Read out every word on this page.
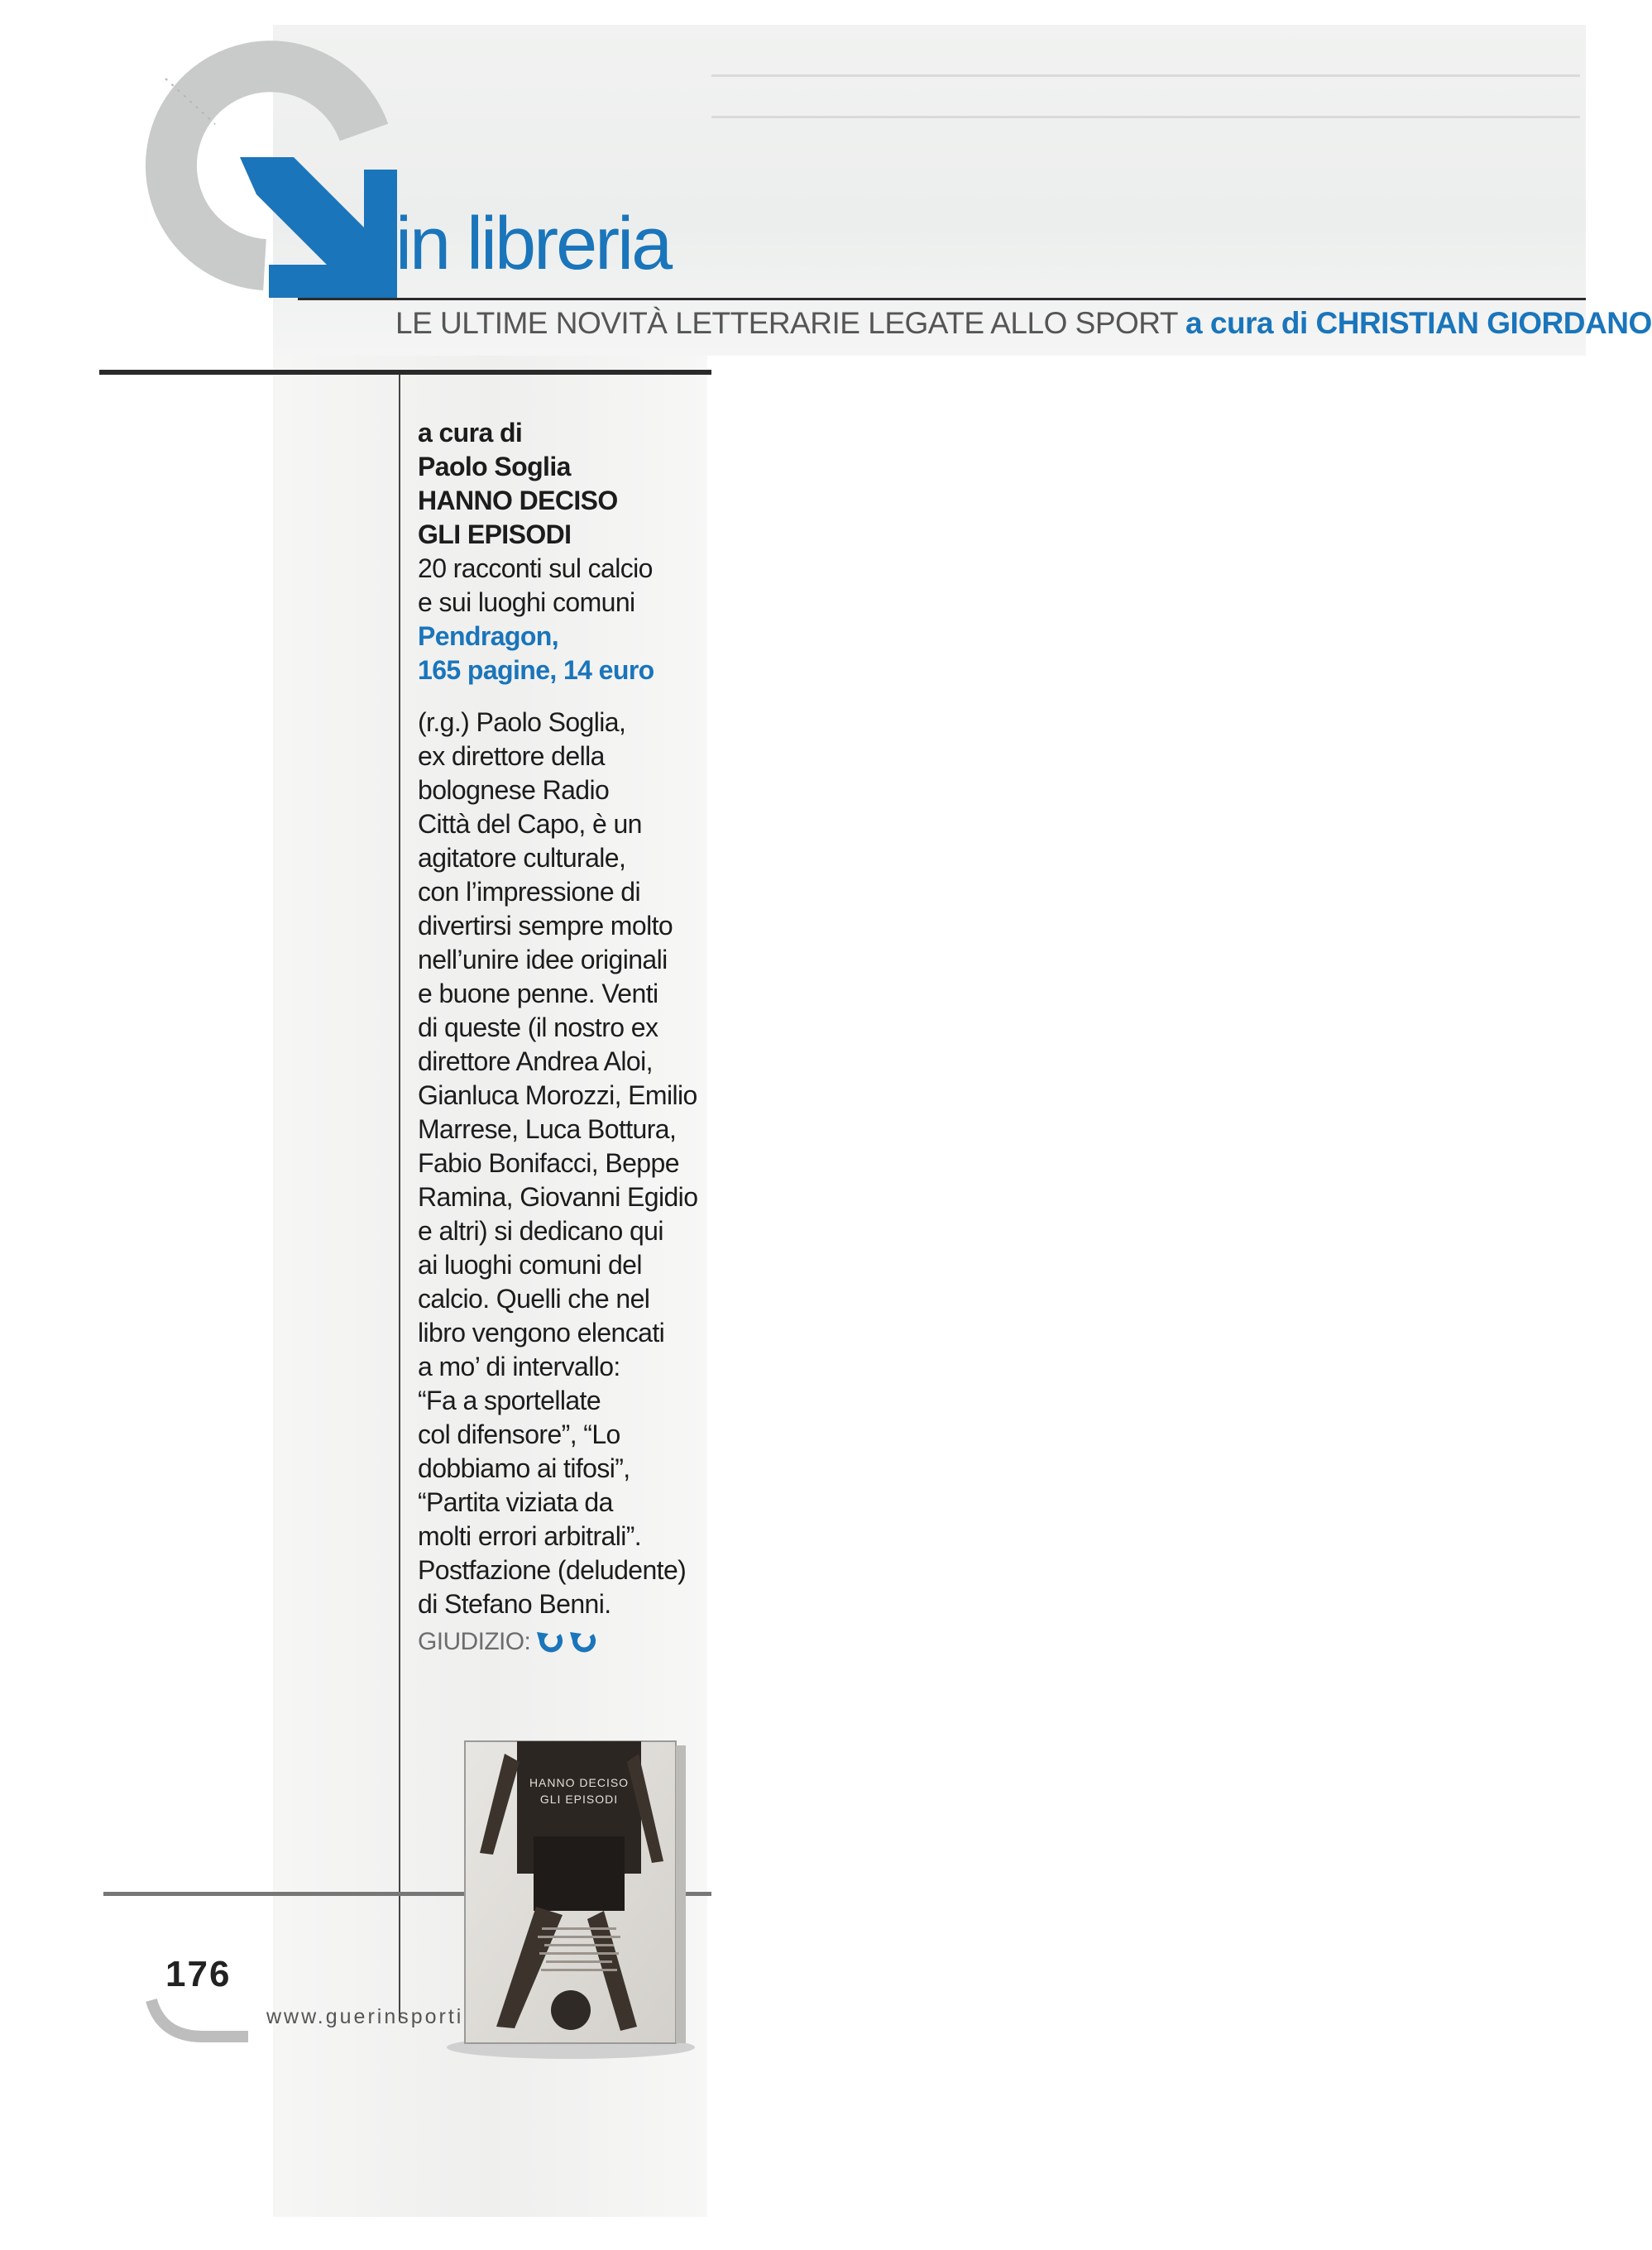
in libreria
LE ULTIME NOVITÀ LETTERARIE LEGATE ALLO SPORT a cura di CHRISTIAN GIORDANO

a cura di

Paolo Soglia

HANNO DECISO

GLI EPISODI

20 racconti sul calcio

e sui luoghi comuni

Pendragon,

165 pagine, 14 euro

(r.g.) Paolo Soglia,
ex direttore della
bolognese Radio
Città del Capo, è un
agitatore culturale,
con l’impressione di
divertirsi sempre molto
nell’unire idee originali
e buone penne. Venti
di queste (il nostro ex
direttore Andrea Aloi,
Gianluca Morozzi, Emilio
Marrese, Luca Bottura,
Fabio Bonifacci, Beppe
Ramina, Giovanni Egidio
e altri) si dedicano qui
ai luoghi comuni del
calcio. Quelli che nel
libro vengono elencati
a mo’ di intervallo:
“Fa a sportellate
col difensore”, “Lo
dobbiamo ai tifosi”,
“Partita viziata da
molti errori arbitrali”.
Postfazione (deludente)
di Stefano Benni.
GIUDIZIO:
HANNO DECISO
GLI EPISODI

176

www.guerinsporti
